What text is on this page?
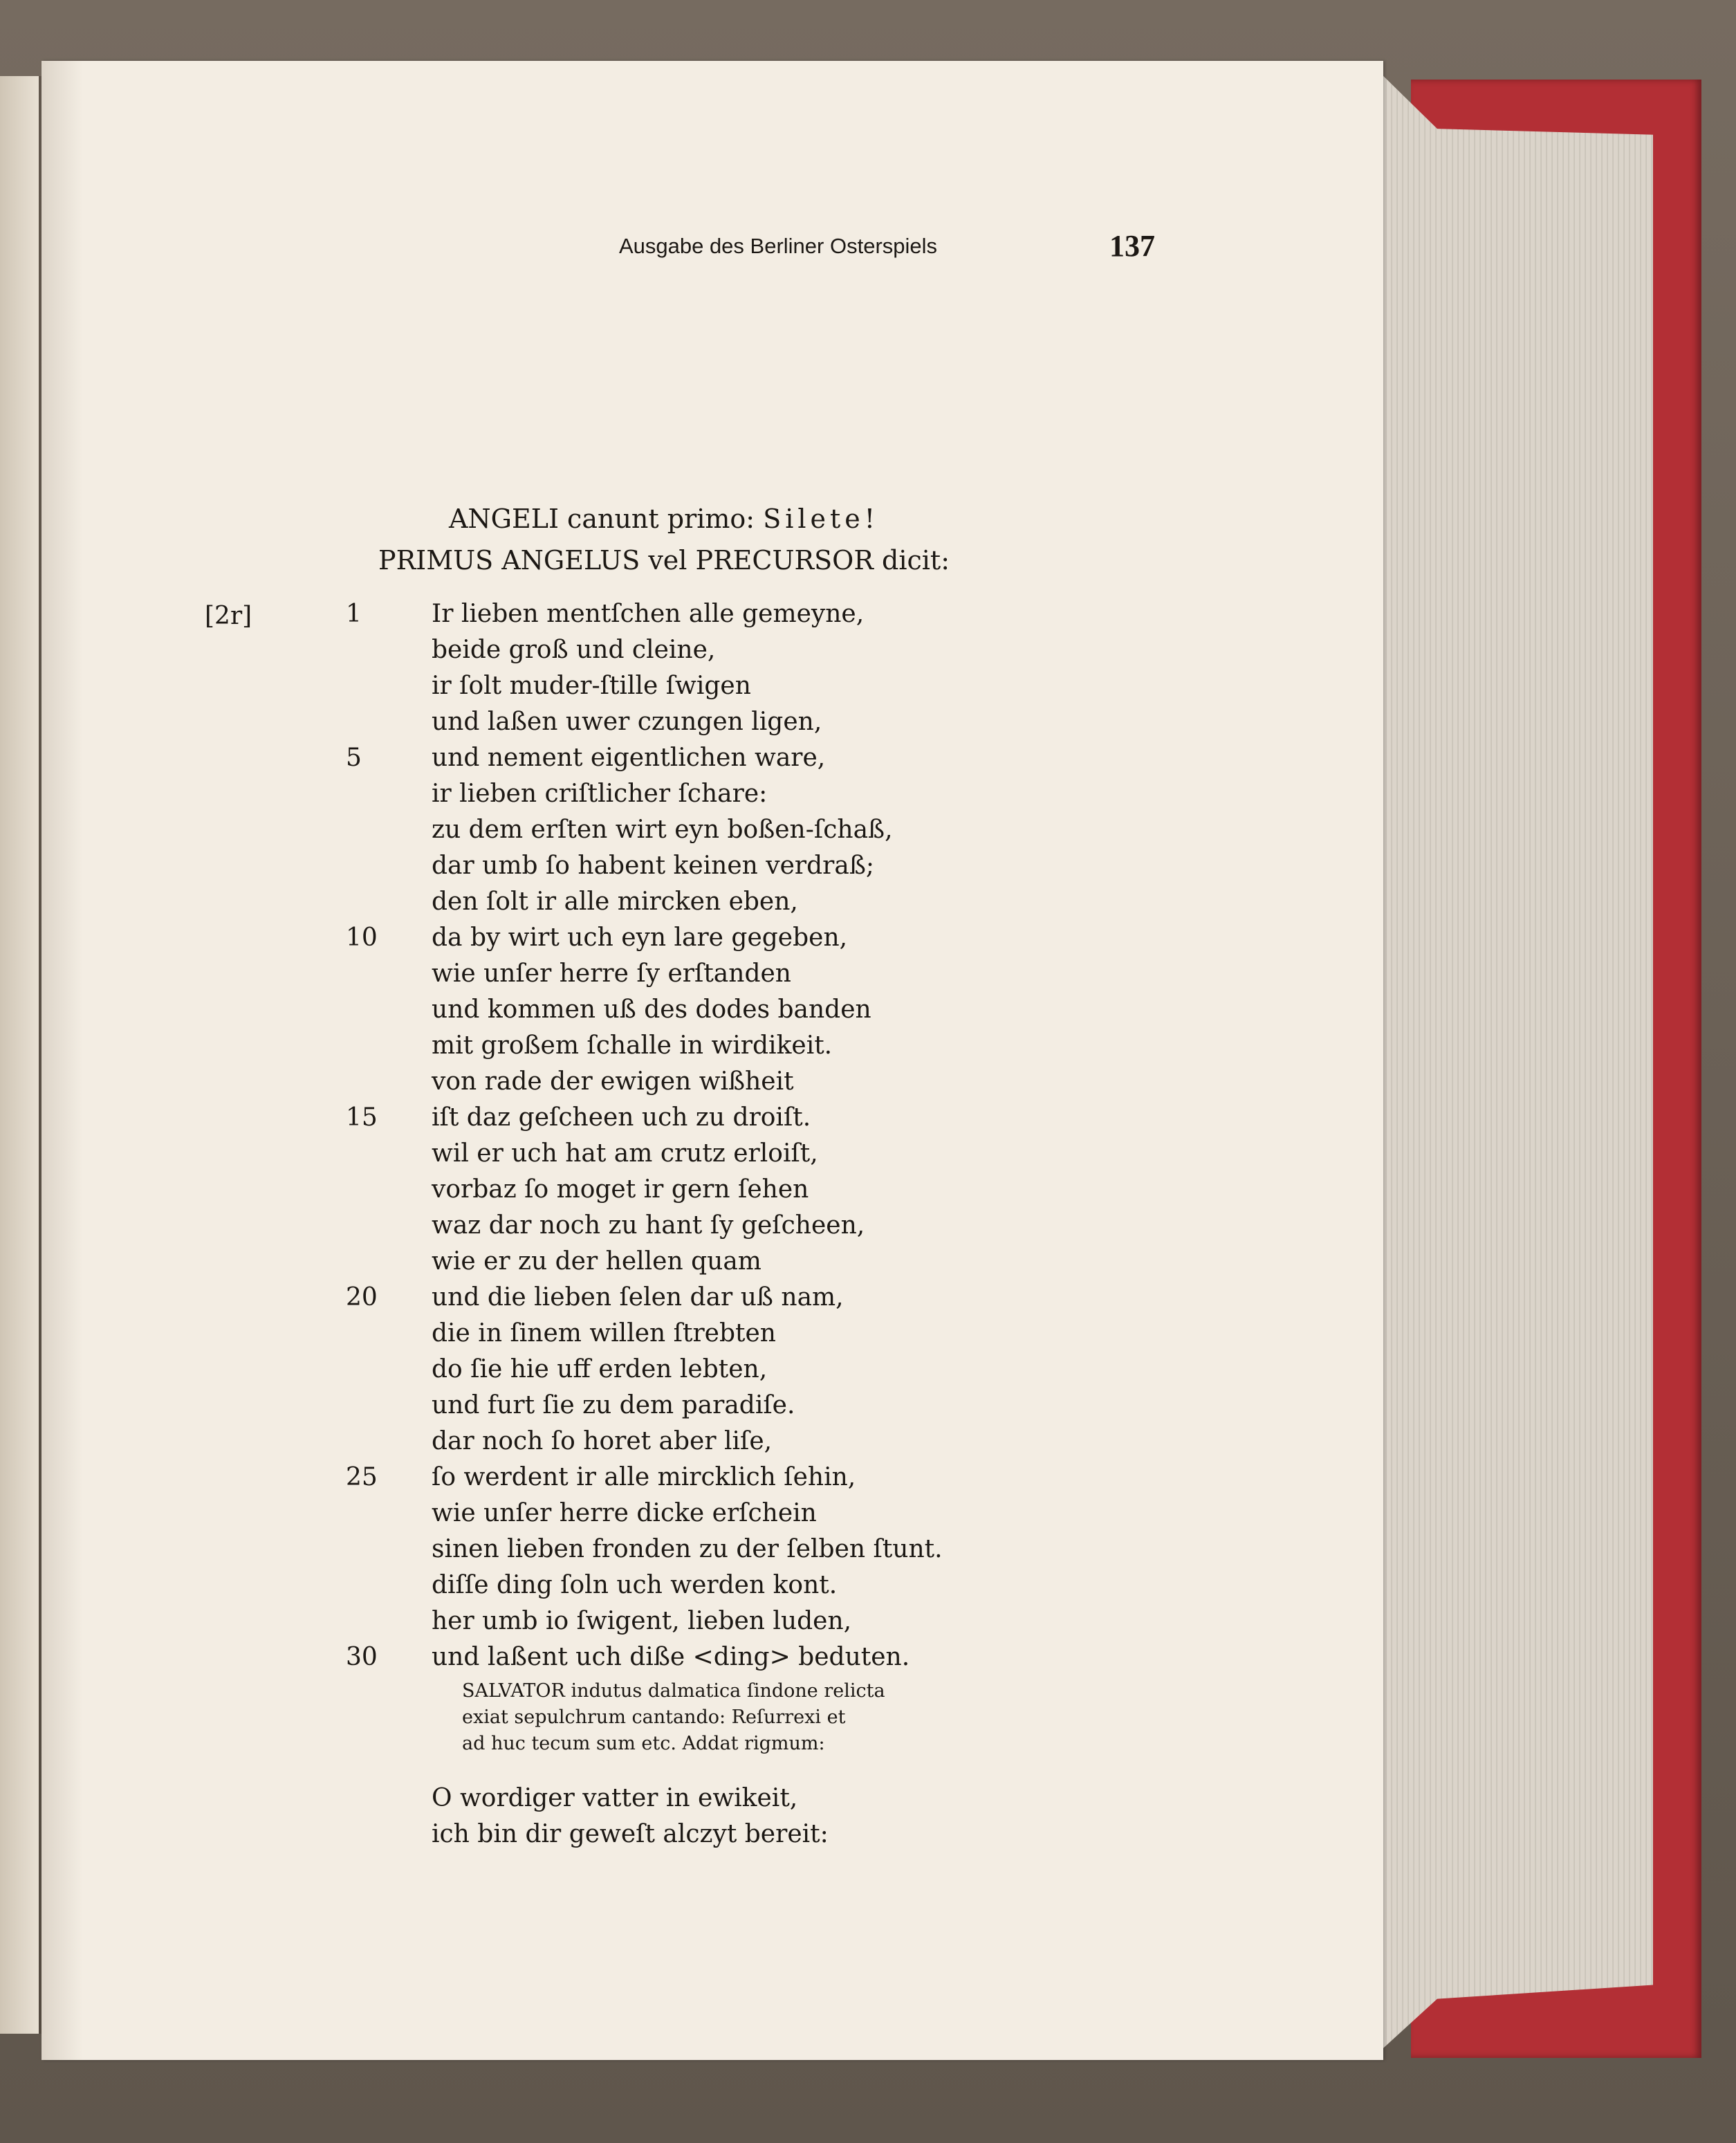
Ausgabe des Berliner Osterspiels	137
ANGELI canunt primo: Silete!
PRIMUS ANGELUS vel PRECURSOR dicit:
[2r]	1	Ir lieben mentſchen alle gemeyne,
beide groß und cleine,
ir ſolt muder-ſtille ſwigen
und laßen uwer czungen ligen,
5	und nement eigentlichen ware,
ir lieben criſtlicher ſchare:
zu dem erſten wirt eyn boßen-ſchaß,
dar umb ſo habent keinen verdraß;
den ſolt ir alle mircken eben,
10	da by wirt uch eyn lare gegeben,
wie unſer herre ſy erſtanden
und kommen uß des dodes banden
mit großem ſchalle in wirdikeit.
von rade der ewigen wißheit
15	iſt daz geſcheen uch zu droiſt.
wil er uch hat am crutz erloiſt,
vorbaz ſo moget ir gern ſehen
waz dar noch zu hant ſy geſcheen,
wie er zu der hellen quam
20	und die lieben ſelen dar uß nam,
die in ſinem willen ſtrebten
do ſie hie uff erden lebten,
und furt ſie zu dem paradiſe.
dar noch ſo horet aber liſe,
25	ſo werdent ir alle mircklich ſehin,
wie unſer herre dicke erſchein
sinen lieben fronden zu der ſelben ſtunt.
diſſe ding ſoln uch werden kont.
her umb io ſwigent, lieben luden,
30	und laßent uch diße <ding> beduten.
SALVATOR indutus dalmatica ſindone relicta
exiat sepulchrum cantando: Reſurrexi et
ad huc tecum sum etc. Addat rigmum:
O wordiger vatter in ewikeit,
ich bin dir geweſt alczyt bereit:
